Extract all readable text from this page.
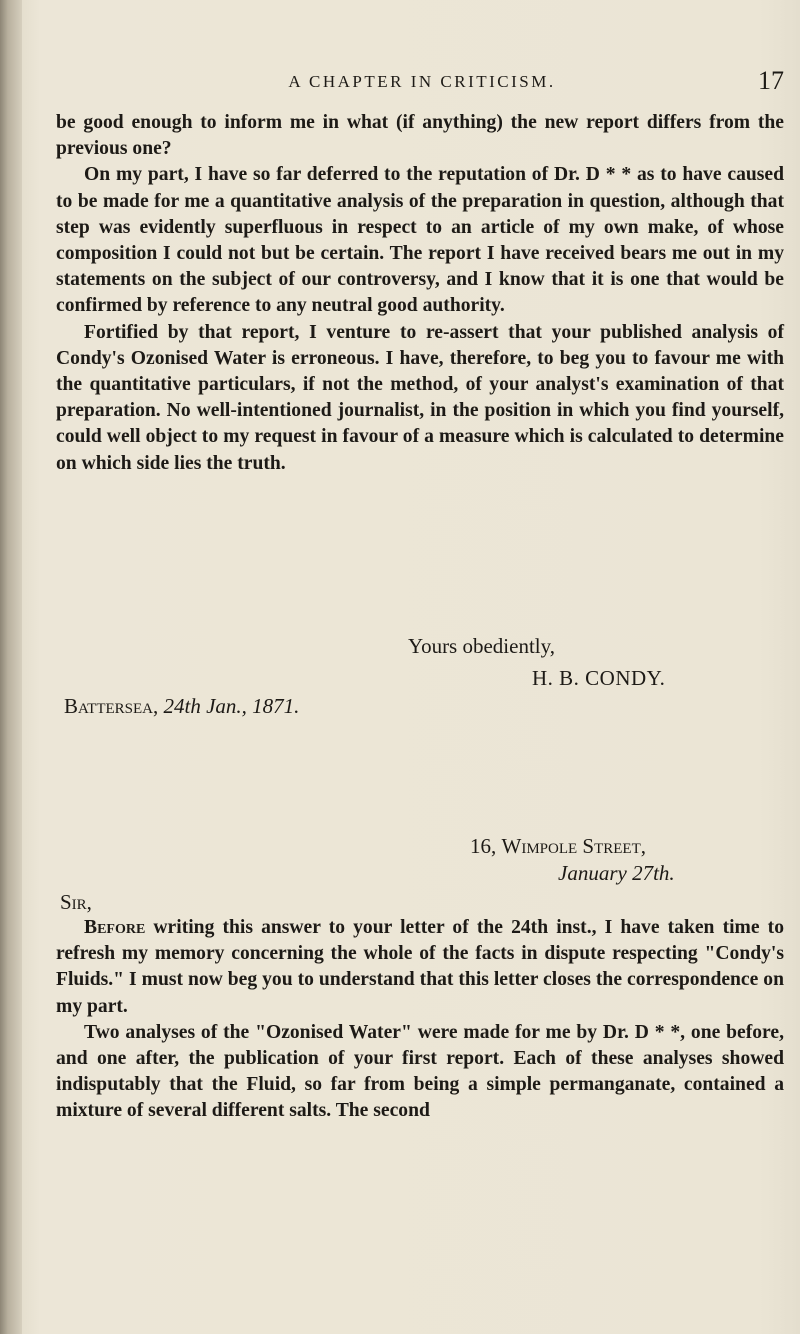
A CHAPTER IN CRITICISM.	17

be good enough to inform me in what (if anything) the new report differs from the previous one?

On my part, I have so far deferred to the reputation of Dr. D * * as to have caused to be made for me a quantitative analysis of the preparation in question, although that step was evidently superfluous in respect to an article of my own make, of whose composition I could not but be certain. The report I have received bears me out in my statements on the subject of our controversy, and I know that it is one that would be confirmed by reference to any neutral good authority.

Fortified by that report, I venture to re-assert that your published analysis of Condy's Ozonised Water is erroneous. I have, therefore, to beg you to favour me with the quantitative particulars, if not the method, of your analyst's examination of that preparation. No well-intentioned journalist, in the position in which you find yourself, could well object to my request in favour of a measure which is calculated to determine on which side lies the truth.

Yours obediently,
H. B. CONDY.
Battersea, 24th Jan., 1871.
16, Wimpole Street,
January 27th.
Sir,

Before writing this answer to your letter of the 24th inst., I have taken time to refresh my memory concerning the whole of the facts in dispute respecting "Condy's Fluids." I must now beg you to understand that this letter closes the correspondence on my part.

Two analyses of the "Ozonised Water" were made for me by Dr. D * *, one before, and one after, the publication of your first report. Each of these analyses showed indisputably that the Fluid, so far from being a simple permanganate, contained a mixture of several different salts. The second
